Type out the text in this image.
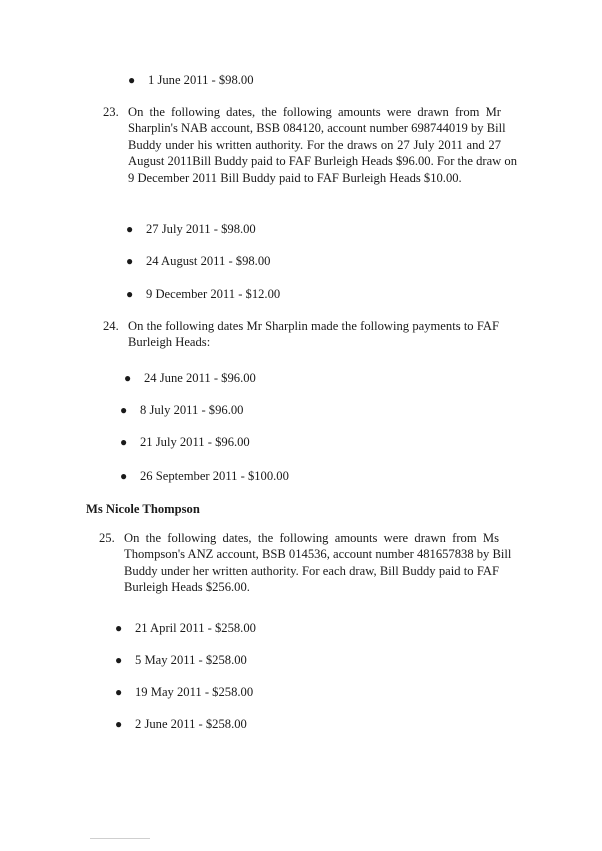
● 1 June 2011 - $98.00
23. On the following dates, the following amounts were drawn from Mr
Sharplin's NAB account, BSB 084120, account number 698744019 by Bill
Buddy under his written authority. For the draws on 27 July 2011 and 27
August 2011Bill Buddy paid to FAF Burleigh Heads $96.00. For the draw on
9 December 2011 Bill Buddy paid to FAF Burleigh Heads $10.00.
● 27 July 2011 - $98.00
● 24 August 2011 - $98.00
● 9 December 2011 - $12.00
24. On the following dates Mr Sharplin made the following payments to FAF
Burleigh Heads:
● 24 June 2011 - $96.00
● 8 July 2011 - $96.00
● 21 July 2011 - $96.00
● 26 September 2011 - $100.00
Ms Nicole Thompson
25. On the following dates, the following amounts were drawn from Ms
Thompson's ANZ account, BSB 014536, account number 481657838 by Bill
Buddy under her written authority. For each draw, Bill Buddy paid to FAF
Burleigh Heads $256.00.
● 21 April 2011 - $258.00
● 5 May 2011 - $258.00
● 19 May 2011 - $258.00
● 2 June 2011 - $258.00
